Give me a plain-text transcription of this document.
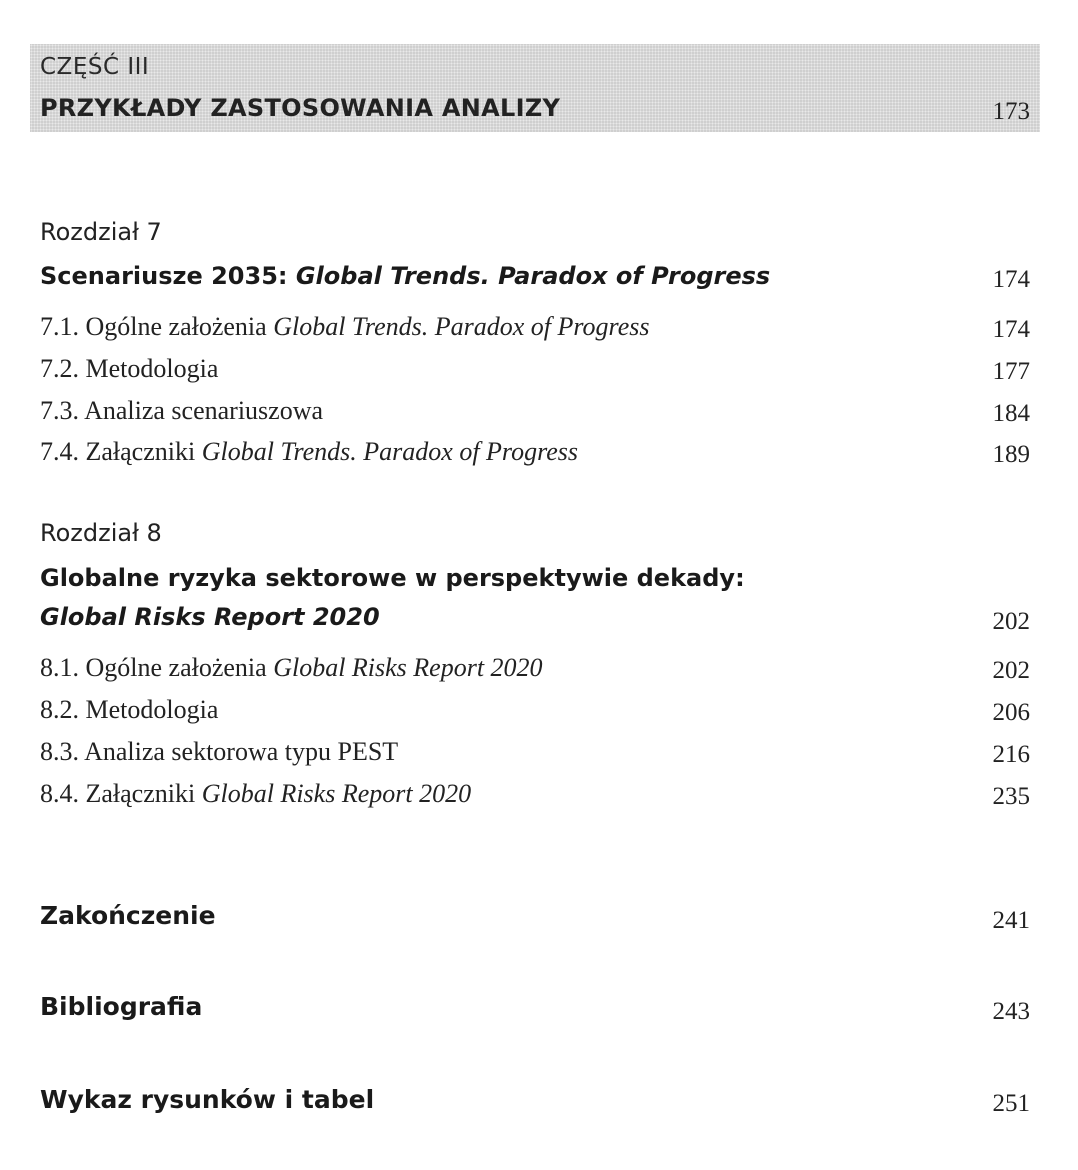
CZĘŚĆ III
PRZYKŁADY ZASTOSOWANIA ANALIZY	173
Rozdział 7
Scenariusze 2035: Global Trends. Paradox of Progress	174
7.1. Ogólne założenia Global Trends. Paradox of Progress	174
7.2. Metodologia	177
7.3. Analiza scenariuszowa	184
7.4. Załączniki Global Trends. Paradox of Progress	189
Rozdział 8
Globalne ryzyka sektorowe w perspektywie dekady:
Global Risks Report 2020	202
8.1. Ogólne założenia Global Risks Report 2020	202
8.2. Metodologia	206
8.3. Analiza sektorowa typu PEST	216
8.4. Załączniki Global Risks Report 2020	235
Zakończenie	241
Bibliografia	243
Wykaz rysunków i tabel	251
